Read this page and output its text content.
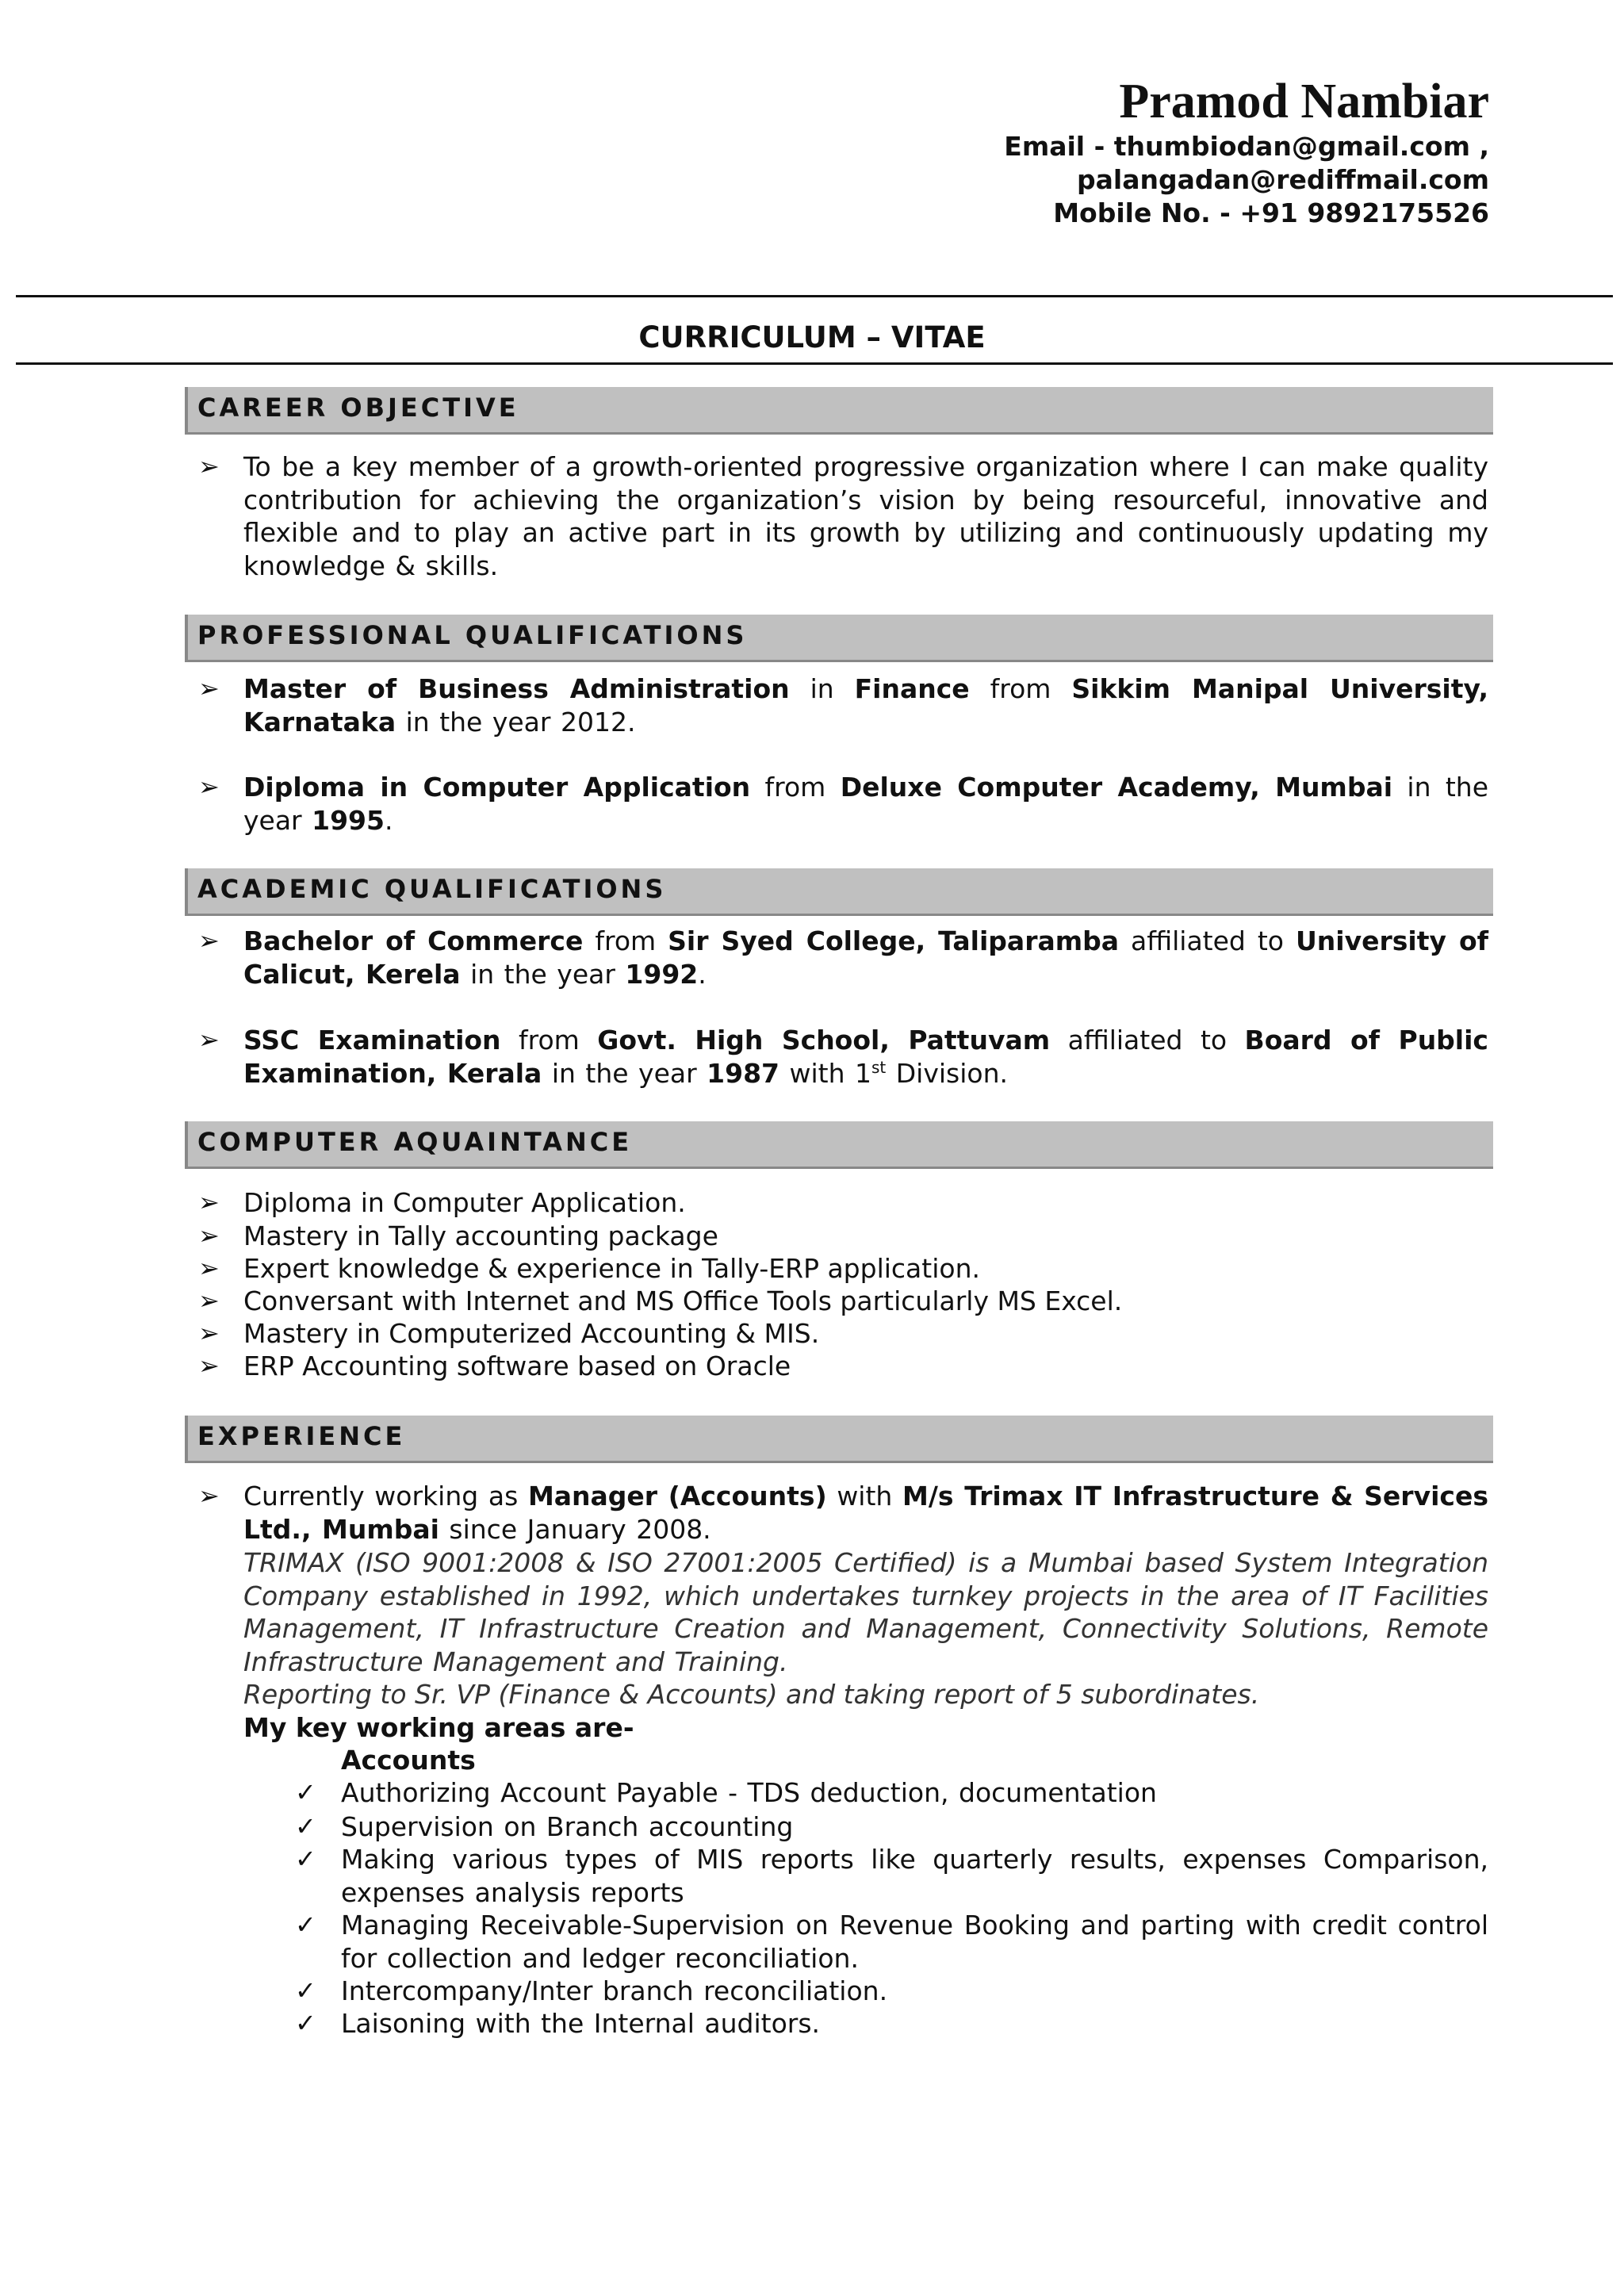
Pramod Nambiar
Email - thumbiodan@gmail.com ,
palangadan@rediffmail.com
Mobile No. - +91 9892175526
CURRICULUM – VITAE
CAREER OBJECTIVE
➢ To be a key member of a growth-oriented progressive organization where I can make quality contribution for achieving the organization’s vision by being resourceful, innovative and flexible and to play an active part in its growth by utilizing and continuously updating my knowledge & skills.
PROFESSIONAL QUALIFICATIONS
➢ Master of Business Administration in Finance from Sikkim Manipal University, Karnataka in the year 2012.
➢ Diploma in Computer Application from Deluxe Computer Academy, Mumbai in the year 1995.
ACADEMIC QUALIFICATIONS
➢ Bachelor of Commerce from Sir Syed College, Taliparamba affiliated to University of Calicut, Kerela in the year 1992.
➢ SSC Examination from Govt. High School, Pattuvam affiliated to Board of Public Examination, Kerala in the year 1987 with 1st Division.
COMPUTER AQUAINTANCE
➢ Diploma in Computer Application.
➢ Mastery in Tally accounting package
➢ Expert knowledge & experience in Tally-ERP application.
➢ Conversant with Internet and MS Office Tools particularly MS Excel.
➢ Mastery in Computerized Accounting & MIS.
➢ ERP Accounting software based on Oracle
EXPERIENCE
➢ Currently working as Manager (Accounts) with M/s Trimax IT Infrastructure & Services Ltd., Mumbai since January 2008.
TRIMAX (ISO 9001:2008 & ISO 27001:2005 Certified) is a Mumbai based System Integration Company established in 1992, which undertakes turnkey projects in the area of IT Facilities Management, IT Infrastructure Creation and Management, Connectivity Solutions, Remote Infrastructure Management and Training.
Reporting to Sr. VP (Finance & Accounts) and taking report of 5 subordinates.
My key working areas are-
Accounts
✓ Authorizing Account Payable - TDS deduction, documentation
✓ Supervision on Branch accounting
✓ Making various types of MIS reports like quarterly results, expenses Comparison, expenses analysis reports
✓ Managing Receivable-Supervision on Revenue Booking and parting with credit control for collection and ledger reconciliation.
✓ Intercompany/Inter branch reconciliation.
✓ Laisoning with the Internal auditors.
